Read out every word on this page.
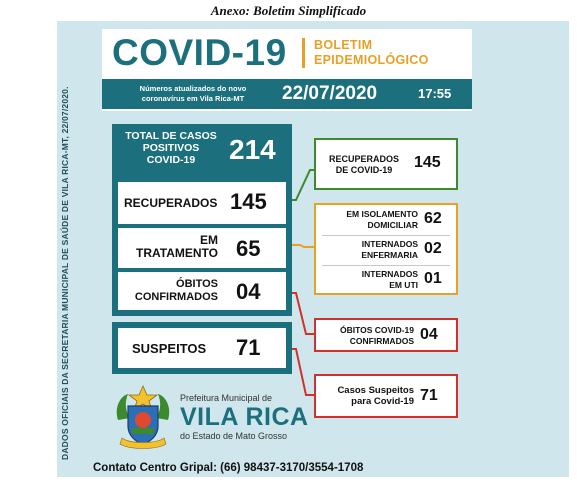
Anexo: Boletim Simplificado
DADOS OFICIAIS DA SECRETARIA MUNICIPAL DE SAÚDE DE VILA RICA-MT, 22/07/2020.
COVID-19 BOLETIM
EPIDEMIOLÓGICO
Números atualizados do novo coronavírus em Vila Rica-MT	22/07/2020	17:55
TOTAL DE CASOS
POSITIVOS
COVID-19	214
RECUPERADOS 145
EM
TRATAMENTO 65
ÓBITOS
CONFIRMADOS 04
SUSPEITOS 71
RECUPERADOS
DE COVID-19	145
EM ISOLAMENTO
DOMICILIAR 62
INTERNADOS
ENFERMARIA 02
INTERNADOS
EM UTI 01
ÓBITOS COVID-19
CONFIRMADOS 04
Casos Suspeitos
para Covid-19 71
Prefeitura Municipal de
VILA RICA
do Estado de Mato Grosso
Contato Centro Gripal: (66) 98437-3170/3554-1708
